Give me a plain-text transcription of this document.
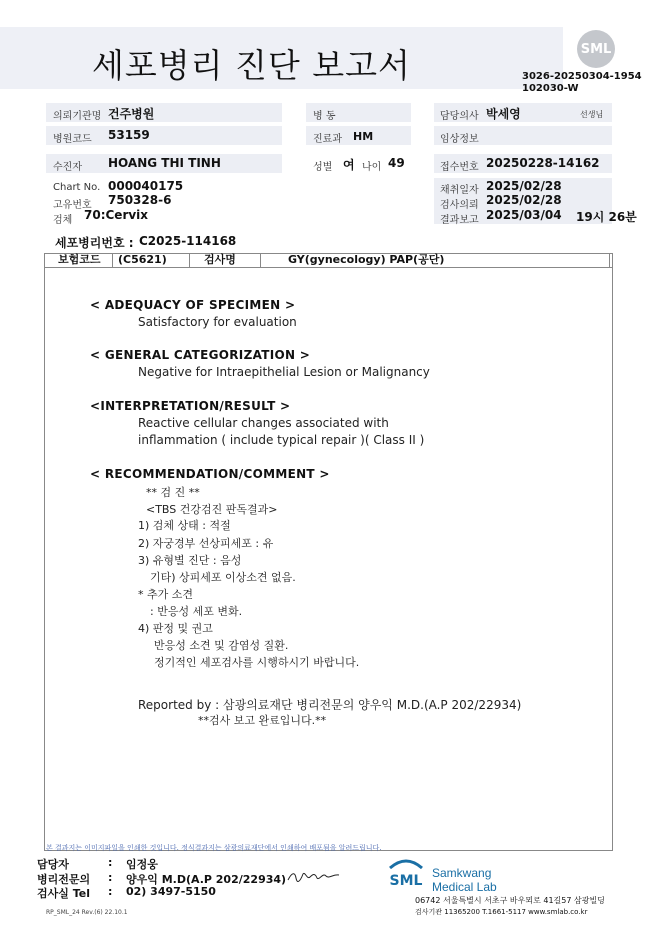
세포병리 진단 보고서	SML
3026-20250304-1954
102030-W
의뢰기관명 건주병원	병 동	담당의사 박세영	선생님
병원코드 53159	진료과 HM	임상정보
수진자 HOANG THI TINH	성별 여 나이 49	접수번호 20250228-14162
Chart No. 000040175
고유번호 750328-6
검체 70:Cervix
채취일자 2025/02/28
검사의뢰 2025/02/28
결과보고 2025/03/04 19시 26분
세포병리번호 : C2025-114168
보험코드 (C5621)	검사명	GY(gynecology) PAP(공단)
< ADEQUACY OF SPECIMEN >
Satisfactory for evaluation
< GENERAL CATEGORIZATION >
Negative for Intraepithelial Lesion or Malignancy
<INTERPRETATION/RESULT >
Reactive cellular changes associated with
inflammation ( include typical repair )( Class II )
< RECOMMENDATION/COMMENT >
** 검 진 **
<TBS 건강검진 판독결과>
1) 검체 상태 : 적절
2) 자궁경부 선상피세포 : 유
3) 유형별 진단 : 음성
기타) 상피세포 이상소견 없음.
* 추가 소견
: 반응성 세포 변화.
4) 판정 및 권고
반응성 소견 및 감염성 질환.
정기적인 세포검사를 시행하시기 바랍니다.
Reported by : 삼광의료재단 병리전문의 양우익 M.D.(A.P 202/22934)
**검사 보고 완료입니다.**
본 결과지는 이미지파일을 인쇄한 것입니다. 정식결과지는 삼광의료재단에서 인쇄하여 배포됨을 알려드립니다.
담당자	: 임정웅
병리전문의 : 양우익 M.D(A.P 202/22934)
검사실 Tel : 02) 3497-5150
RP_SML_24 Rev.(6) 22.10.1
SML Samkwang
Medical Lab
06742 서울특별시 서초구 바우뫼로 41길57 삼광빌딩
검사기관 11365200 T.1661-5117 www.smlab.co.kr
